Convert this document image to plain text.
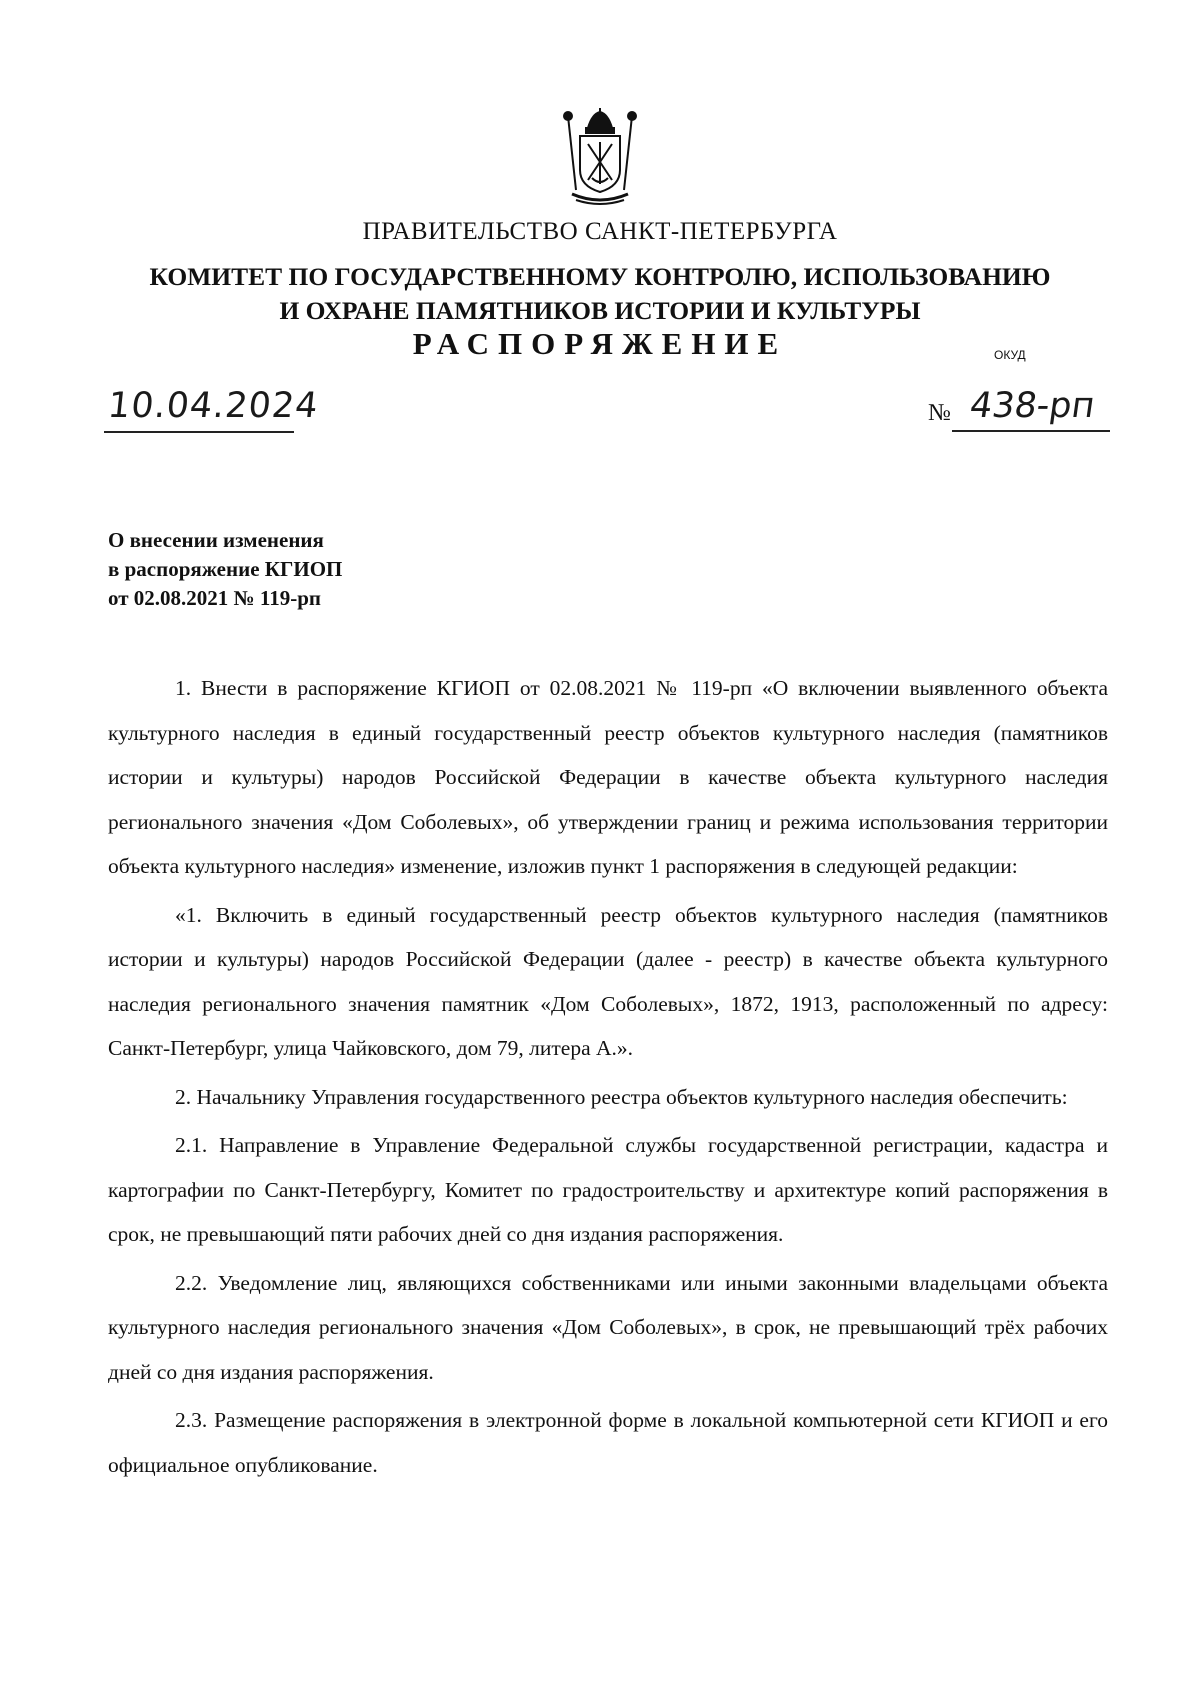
ПРАВИТЕЛЬСТВО САНКТ-ПЕТЕРБУРГА
КОМИТЕТ ПО ГОСУДАРСТВЕННОМУ КОНТРОЛЮ, ИСПОЛЬЗОВАНИЮ
И ОХРАНЕ ПАМЯТНИКОВ ИСТОРИИ И КУЛЬТУРЫ
РАСПОРЯЖЕНИЕ	ОКУД
10.04.2024	№ 438-рп
О внесении изменения
в распоряжение КГИОП
от 02.08.2021 № 119-рп

1. Внести в распоряжение КГИОП от 02.08.2021 № 119-рп «О включении выявленного объекта культурного наследия в единый государственный реестр объектов культурного наследия (памятников истории и культуры) народов Российской Федерации в качестве объекта культурного наследия регионального значения «Дом Соболевых», об утверждении границ и режима использования территории объекта культурного наследия» изменение, изложив пункт 1 распоряжения в следующей редакции:

«1. Включить в единый государственный реестр объектов культурного наследия (памятников истории и культуры) народов Российской Федерации (далее - реестр) в качестве объекта культурного наследия регионального значения памятник «Дом Соболевых», 1872, 1913, расположенный по адресу: Санкт-Петербург, улица Чайковского, дом 79, литера А.».

2. Начальнику Управления государственного реестра объектов культурного наследия обеспечить:

2.1. Направление в Управление Федеральной службы государственной регистрации, кадастра и картографии по Санкт-Петербургу, Комитет по градостроительству и архитектуре копий распоряжения в срок, не превышающий пяти рабочих дней со дня издания распоряжения.

2.2. Уведомление лиц, являющихся собственниками или иными законными владельцами объекта культурного наследия регионального значения «Дом Соболевых», в срок, не превышающий трёх рабочих дней со дня издания распоряжения.

2.3. Размещение распоряжения в электронной форме в локальной компьютерной сети КГИОП и его официальное опубликование.
